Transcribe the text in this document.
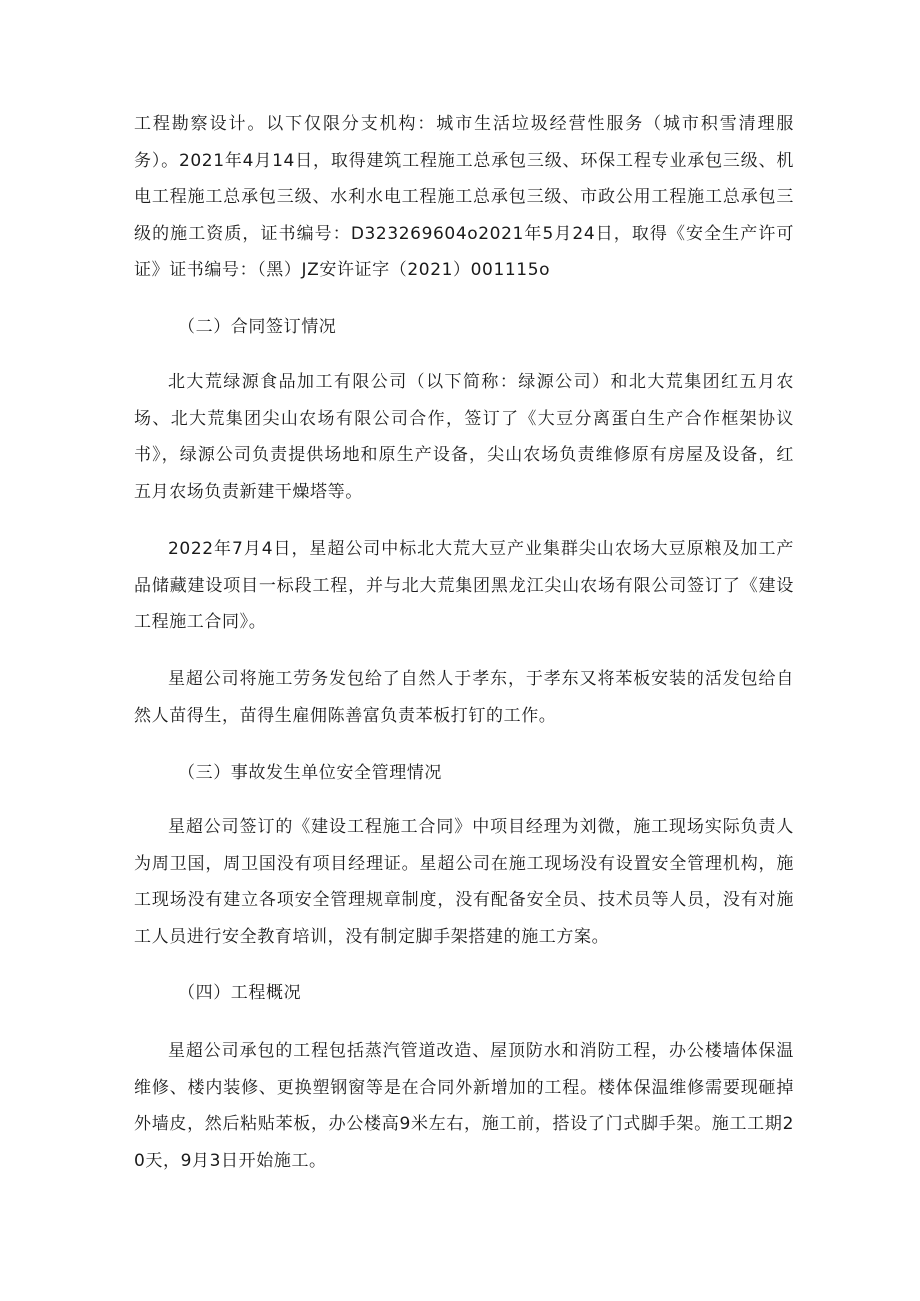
工程勘察设计。以下仅限分支机构：城市生活垃圾经营性服务（城市积雪清理服务）。2021年4月14日，取得建筑工程施工总承包三级、环保工程专业承包三级、机电工程施工总承包三级、水利水电工程施工总承包三级、市政公用工程施工总承包三级的施工资质，证书编号：D323269604o2021年5月24日，取得《安全生产许可证》证书编号：（黑）JZ安许证字（2021）001115o

（二）合同签订情况

北大荒绿源食品加工有限公司（以下简称：绿源公司）和北大荒集团红五月农场、北大荒集团尖山农场有限公司合作，签订了《大豆分离蛋白生产合作框架协议书》，绿源公司负责提供场地和原生产设备，尖山农场负责维修原有房屋及设备，红五月农场负责新建干燥塔等。

2022年7月4日，星超公司中标北大荒大豆产业集群尖山农场大豆原粮及加工产品储藏建设项目一标段工程，并与北大荒集团黑龙江尖山农场有限公司签订了《建设工程施工合同》。

星超公司将施工劳务发包给了自然人于孝东，于孝东又将苯板安装的活发包给自然人苗得生，苗得生雇佣陈善富负责苯板打钉的工作。

（三）事故发生单位安全管理情况

星超公司签订的《建设工程施工合同》中项目经理为刘微，施工现场实际负责人为周卫国，周卫国没有项目经理证。星超公司在施工现场没有设置安全管理机构，施工现场没有建立各项安全管理规章制度，没有配备安全员、技术员等人员，没有对施工人员进行安全教育培训，没有制定脚手架搭建的施工方案。

（四）工程概况

星超公司承包的工程包括蒸汽管道改造、屋顶防水和消防工程，办公楼墙体保温维修、楼内装修、更换塑钢窗等是在合同外新增加的工程。楼体保温维修需要现砸掉外墙皮，然后粘贴苯板，办公楼高9米左右，施工前，搭设了门式脚手架。施工工期20天，9月3日开始施工。
